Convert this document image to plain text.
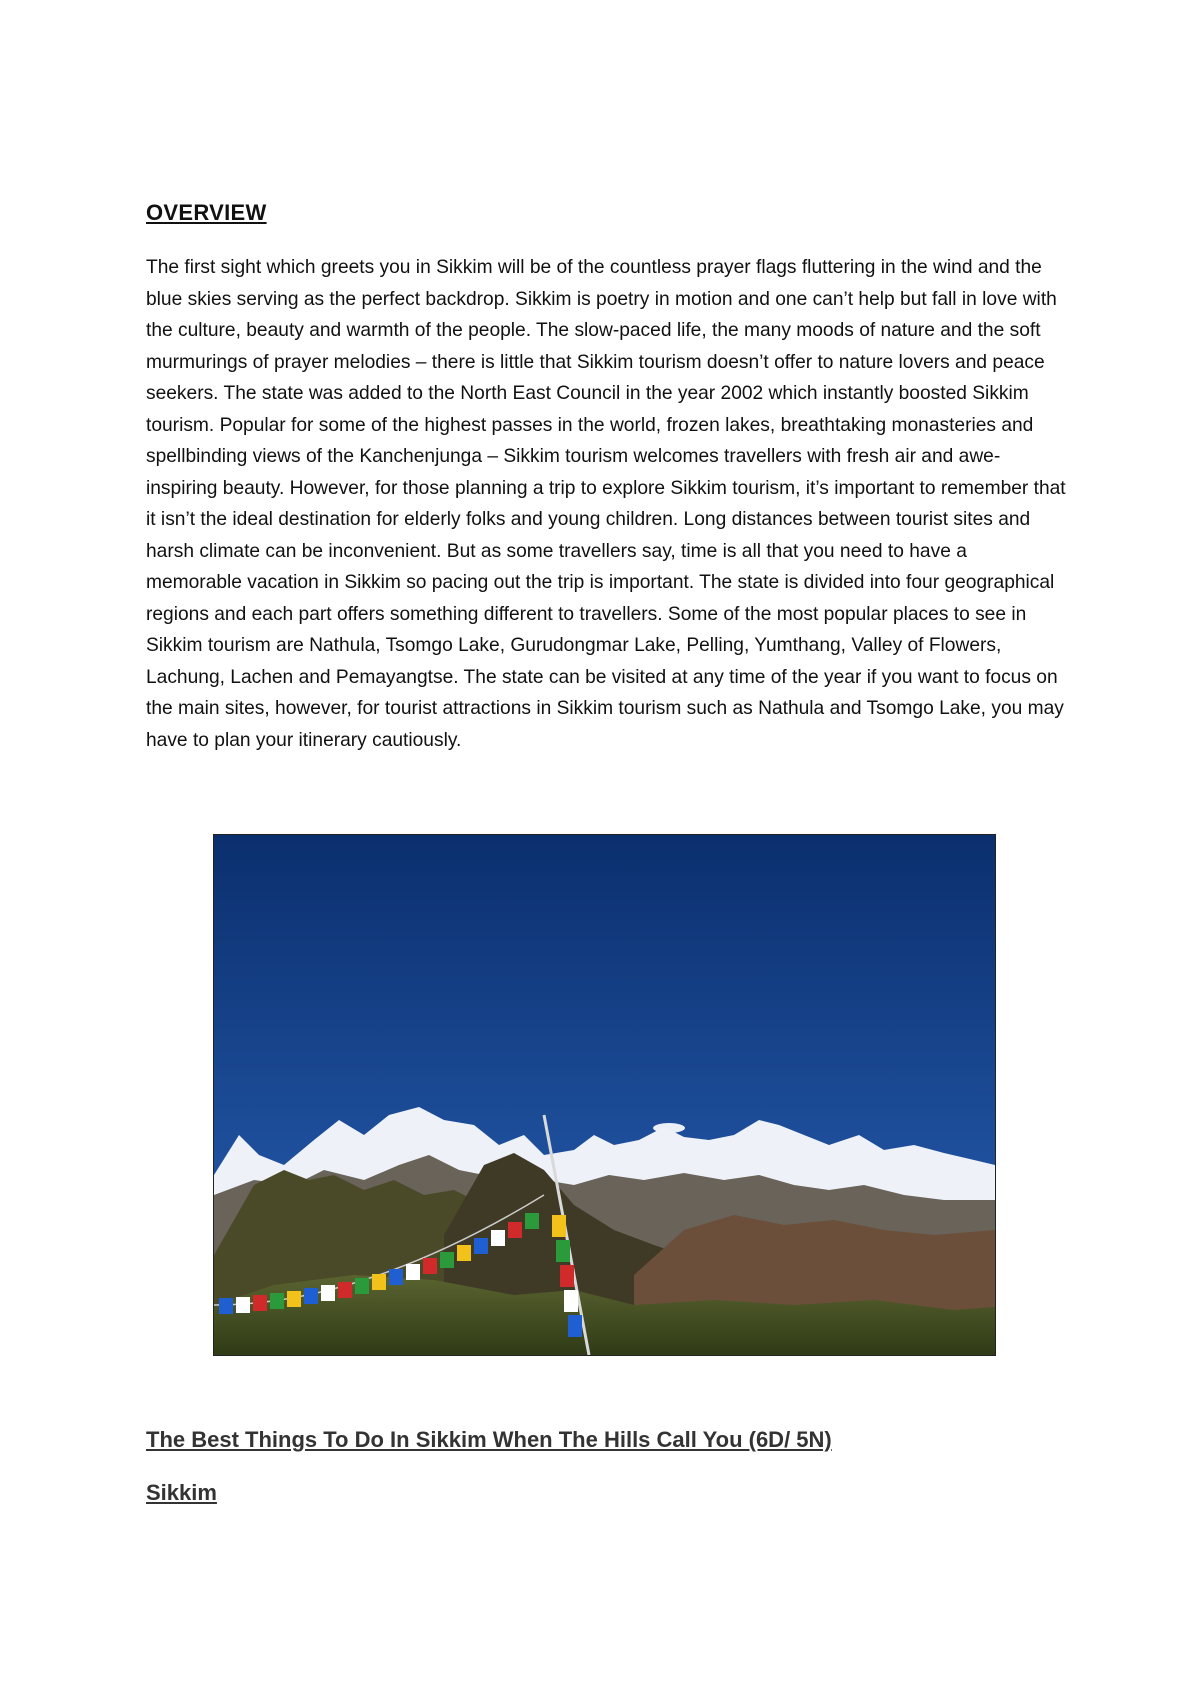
OVERVIEW

The first sight which greets you in Sikkim will be of the countless prayer flags fluttering in the wind and the blue skies serving as the perfect backdrop. Sikkim is poetry in motion and one can’t help but fall in love with the culture, beauty and warmth of the people. The slow-paced life, the many moods of nature and the soft murmurings of prayer melodies – there is little that Sikkim tourism doesn’t offer to nature lovers and peace seekers. The state was added to the North East Council in the year 2002 which instantly boosted Sikkim tourism. Popular for some of the highest passes in the world, frozen lakes, breathtaking monasteries and spellbinding views of the Kanchenjunga – Sikkim tourism welcomes travellers with fresh air and awe-inspiring beauty. However, for those planning a trip to explore Sikkim tourism, it’s important to remember that it isn’t the ideal destination for elderly folks and young children. Long distances between tourist sites and harsh climate can be inconvenient. But as some travellers say, time is all that you need to have a memorable vacation in Sikkim so pacing out the trip is important. The state is divided into four geographical regions and each part offers something different to travellers. Some of the most popular places to see in Sikkim tourism are Nathula, Tsomgo Lake, Gurudongmar Lake, Pelling, Yumthang, Valley of Flowers, Lachung, Lachen and Pemayangtse. The state can be visited at any time of the year if you want to focus on the main sites, however, for tourist attractions in Sikkim tourism such as Nathula and Tsomgo Lake, you may have to plan your itinerary cautiously.

The Best Things To Do In Sikkim When The Hills Call You (6D/ 5N)
Sikkim
